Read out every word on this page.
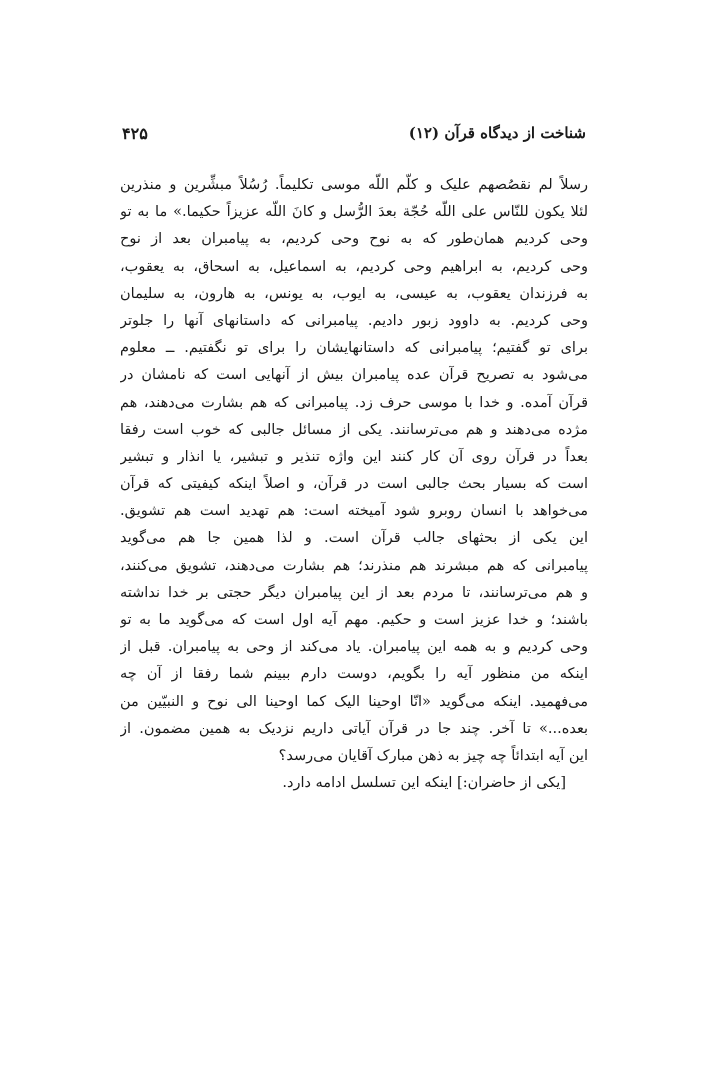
شناخت از دیدگاه قرآن (۱۲)
۴۲۵
رسلاً لم نقصُصهم علیک و کلّم اللّه موسی تکلیماً. رُسُلاً مبشِّرین و منذرین
لئلا یکون للنّاس علی اللّه حُجّة بعدَ الرُّسل و کانَ اللّه عزیزاً حکیما.» ما به تو
وحی کردیم همان‌طور که به نوح وحی کردیم، به پیامبران بعد از نوح
وحی کردیم، به ابراهیم وحی کردیم، به اسماعیل، به اسحاق، به یعقوب،
به فرزندان یعقوب، به عیسی، به ایوب، به یونس، به هارون، به سلیمان
وحی کردیم. به داوود زبور دادیم. پیامبرانی که داستانهای آنها را جلوتر
برای تو گفتیم؛ پیامبرانی که داستانهایشان را برای تو نگفتیم. ــ معلوم
می‌شود به تصریح قرآن عده پیامبران بیش از آنهایی است که نامشان در
قرآن آمده. و خدا با موسی حرف زد. پیامبرانی که هم بشارت می‌دهند، هم
مژده می‌دهند و هم می‌ترسانند. یکی از مسائل جالبی که خوب است رفقا
بعداً در قرآن روی آن کار کنند این واژه تنذیر و تبشیر، یا انذار و تبشیر
است که بسیار بحث جالبی است در قرآن، و اصلاً اینکه کیفیتی که قرآن
می‌خواهد با انسان روبرو شود آمیخته است: هم تهدید است هم تشویق.
این یکی از بحثهای جالب قرآن است. و لذا همین جا هم می‌گوید
پیامبرانی که هم مبشرند هم منذرند؛ هم بشارت می‌دهند، تشویق می‌کنند،
و هم می‌ترسانند، تا مردم بعد از این پیامبران دیگر حجتی بر خدا نداشته
باشند؛ و خدا عزیز است و حکیم. مهم آیه اول است که می‌گوید ما به تو
وحی کردیم و به همه این پیامبران. یاد می‌کند از وحی به پیامبران. قبل از
اینکه من منظور آیه را بگویم، دوست دارم ببینم شما رفقا از آن چه
می‌فهمید. اینکه می‌گوید «انّا اوحینا الیک کما اوحینا الی نوح و النبیّین من
بعده...» تا آخر. چند جا در قرآن آیاتی داریم نزدیک به همین مضمون. از
این آیه ابتدائاً چه چیز به ذهن مبارک آقایان می‌رسد؟
[یکی از حاضران:] اینکه این تسلسل ادامه دارد.
